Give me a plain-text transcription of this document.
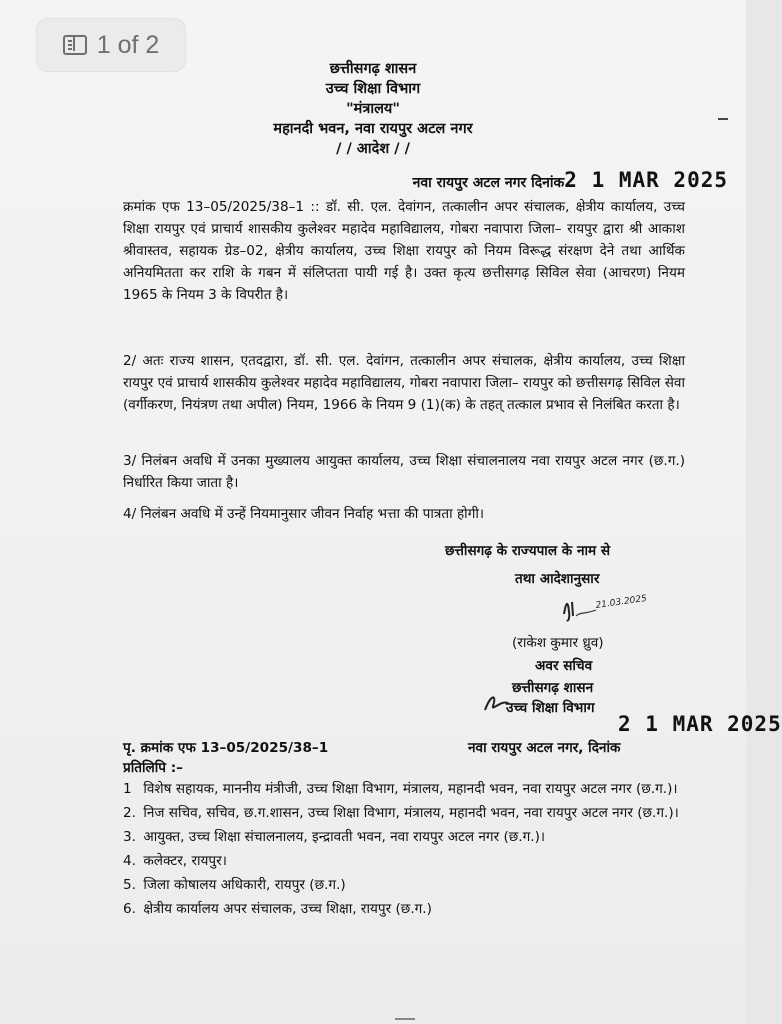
1 of 2
छत्तीसगढ़ शासन
उच्च शिक्षा विभाग
"मंत्रालय"
महानदी भवन, नवा रायपुर अटल नगर
/ / आदेश / /
नवा रायपुर अटल नगर दिनांक2 1 MAR 2025
क्रमांक एफ 13–05/2025/38–1 :: डॉ. सी. एल. देवांगन, तत्कालीन अपर संचालक, क्षेत्रीय कार्यालय, उच्च शिक्षा रायपुर एवं प्राचार्य शासकीय कुलेश्वर महादेव महाविद्यालय, गोबरा नवापारा जिला– रायपुर द्वारा श्री आकाश श्रीवास्तव, सहायक ग्रेड–02, क्षेत्रीय कार्यालय, उच्च शिक्षा रायपुर को नियम विरूद्ध संरक्षण देने तथा आर्थिक अनियमितता कर राशि के गबन में संलिप्तता पायी गई है। उक्त कृत्य छत्तीसगढ़ सिविल सेवा (आचरण) नियम 1965 के नियम 3 के विपरीत है।
2/ अतः राज्य शासन, एतदद्वारा, डॉ. सी. एल. देवांगन, तत्कालीन अपर संचालक, क्षेत्रीय कार्यालय, उच्च शिक्षा रायपुर एवं प्राचार्य शासकीय कुलेश्वर महादेव महाविद्यालय, गोबरा नवापारा जिला– रायपुर को छत्तीसगढ़ सिविल सेवा (वर्गीकरण, नियंत्रण तथा अपील) नियम, 1966 के नियम 9 (1)(क) के तहत् तत्काल प्रभाव से निलंबित करता है।
3/ निलंबन अवधि में उनका मुख्यालय आयुक्त कार्यालय, उच्च शिक्षा संचालनालय नवा रायपुर अटल नगर (छ.ग.) निर्धारित किया जाता है।
4/ निलंबन अवधि में उन्हें नियमानुसार जीवन निर्वाह भत्ता की पात्रता होगी।
छत्तीसगढ़ के राज्यपाल के नाम से
तथा आदेशानुसार
21.03.2025
(राकेश कुमार ध्रुव)
अवर सचिव
छत्तीसगढ़ शासन
उच्च शिक्षा विभाग
2 1 MAR 2025
पृ. क्रमांक एफ 13–05/2025/38–1	नवा रायपुर अटल नगर, दिनांक
प्रतिलिपि :–
1 विशेष सहायक, माननीय मंत्रीजी, उच्च शिक्षा विभाग, मंत्रालय, महानदी भवन, नवा रायपुर अटल नगर (छ.ग.)।
2. निज सचिव, सचिव, छ.ग.शासन, उच्च शिक्षा विभाग, मंत्रालय, महानदी भवन, नवा रायपुर अटल नगर (छ.ग.)।
3. आयुक्त, उच्च शिक्षा संचालनालय, इन्द्रावती भवन, नवा रायपुर अटल नगर (छ.ग.)।
4. कलेक्टर, रायपुर।
5. जिला कोषालय अधिकारी, रायपुर (छ.ग.)
6. क्षेत्रीय कार्यालय अपर संचालक, उच्च शिक्षा, रायपुर (छ.ग.)
